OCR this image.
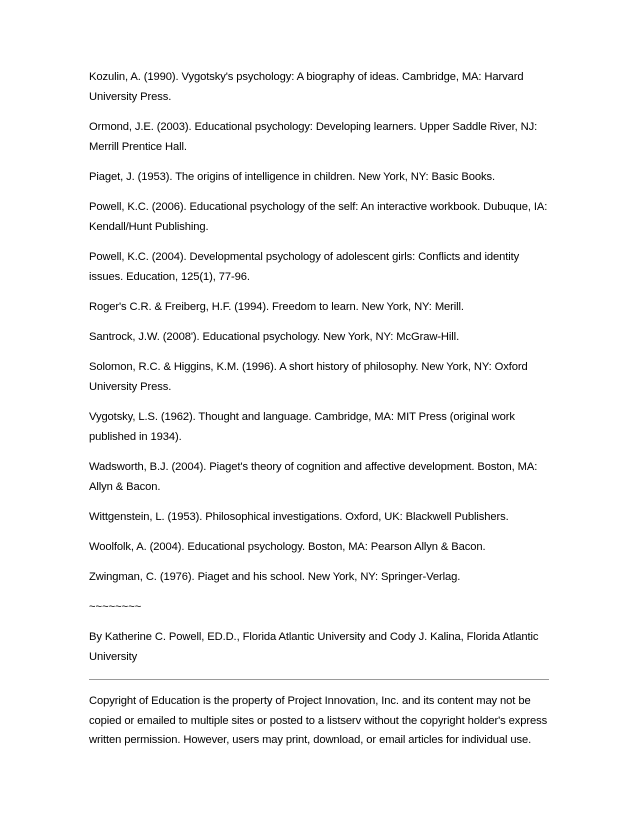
Kozulin, A. (1990). Vygotsky's psychology: A biography of ideas. Cambridge, MA: Harvard University Press.

Ormond, J.E. (2003). Educational psychology: Developing learners. Upper Saddle River, NJ: Merrill Prentice Hall.

Piaget, J. (1953). The origins of intelligence in children. New York, NY: Basic Books.

Powell, K.C. (2006). Educational psychology of the self: An interactive workbook. Dubuque, IA: Kendall/Hunt Publishing.

Powell, K.C. (2004). Developmental psychology of adolescent girls: Conflicts and identity issues. Education, 125(1), 77-96.

Roger's C.R. & Freiberg, H.F. (1994). Freedom to learn. New York, NY: Merill.

Santrock, J.W. (2008'). Educational psychology. New York, NY: McGraw-Hill.

Solomon, R.C. & Higgins, K.M. (1996). A short history of philosophy. New York, NY: Oxford University Press.

Vygotsky, L.S. (1962). Thought and language. Cambridge, MA: MIT Press (original work published in 1934).

Wadsworth, B.J. (2004). Piaget's theory of cognition and affective development. Boston, MA: Allyn & Bacon.

Wittgenstein, L. (1953). Philosophical investigations. Oxford, UK: Blackwell Publishers.

Woolfolk, A. (2004). Educational psychology. Boston, MA: Pearson Allyn & Bacon.

Zwingman, C. (1976). Piaget and his school. New York, NY: Springer-Verlag.

~~~~~~~~

By Katherine C. Powell, ED.D., Florida Atlantic University and Cody J. Kalina, Florida Atlantic University

Copyright of Education is the property of Project Innovation, Inc. and its content may not be copied or emailed to multiple sites or posted to a listserv without the copyright holder's express written permission. However, users may print, download, or email articles for individual use.
